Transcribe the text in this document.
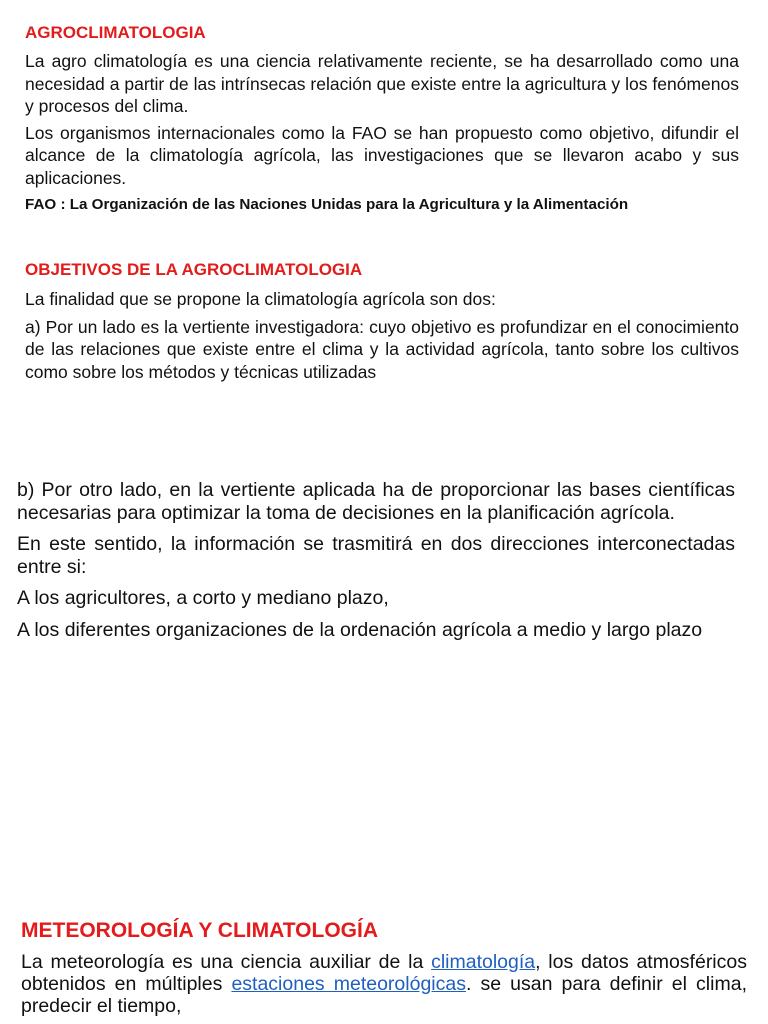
AGROCLIMATOLOGIA

La agro climatología es una ciencia relativamente reciente, se ha desarrollado como una necesidad a partir de las intrínsecas relación que existe entre la agricultura y los fenómenos y procesos del clima.

Los organismos internacionales como la FAO se han propuesto como objetivo, difundir el alcance de la climatología agrícola, las investigaciones que se llevaron acabo y sus aplicaciones.

FAO : La Organización de las Naciones Unidas para la Agricultura y la Alimentación

OBJETIVOS DE LA AGROCLIMATOLOGIA

La finalidad que se propone la climatología agrícola son dos:

a) Por un lado es la vertiente investigadora: cuyo objetivo es profundizar en el conocimiento de las relaciones que existe entre el clima y la actividad agrícola, tanto sobre los cultivos como sobre los métodos y técnicas utilizadas

b) Por otro lado, en la vertiente aplicada ha de proporcionar las bases científicas necesarias para optimizar la toma de decisiones en la planificación agrícola.

En este sentido, la información se trasmitirá en dos direcciones interconectadas entre si:

A los agricultores, a corto y mediano plazo,

A los diferentes organizaciones de la ordenación agrícola a medio y largo plazo

METEOROLOGÍA Y CLIMATOLOGÍA

La meteorología es una ciencia auxiliar de la climatología, los datos atmosféricos obtenidos en múltiples estaciones meteorológicas. se usan para definir el clima, predecir el tiempo,
